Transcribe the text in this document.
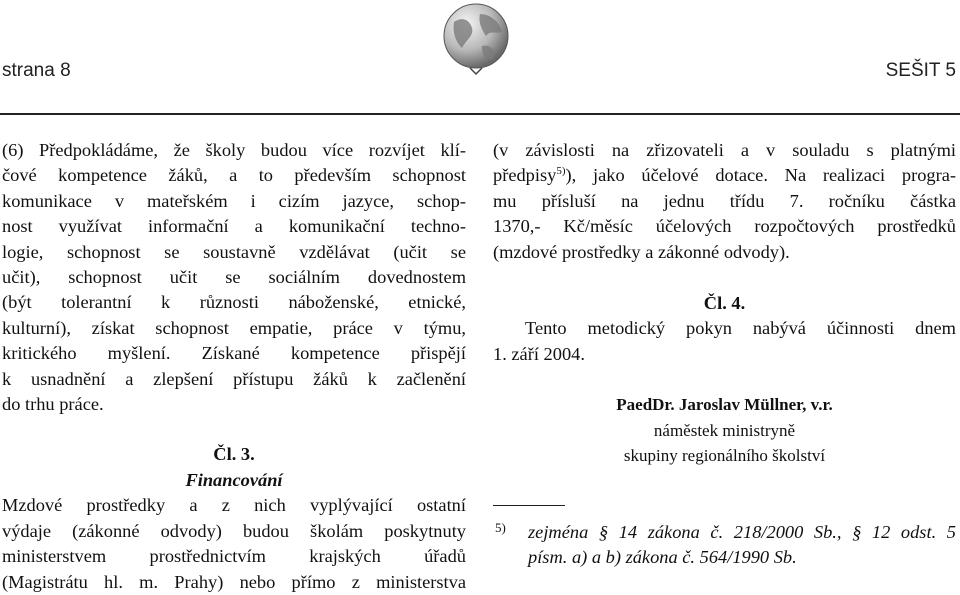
strana 8	SEŠIT 5
(6) Předpokládáme, že školy budou více rozvíjet klí-
čové kompetence žáků, a to především schopnost
komunikace v mateřském i cizím jazyce, schop-
nost využívat informační a komunikační techno-
logie, schopnost se soustavně vzdělávat (učit se
učit), schopnost učit se sociálním dovednostem
(být tolerantní k různosti náboženské, etnické,
kulturní), získat schopnost empatie, práce v týmu,
kritického myšlení. Získané kompetence přispějí
k usnadnění a zlepšení přístupu žáků k začlenění
do trhu práce.
Čl. 3.
Financování
Mzdové prostředky a z nich vyplývající ostatní
výdaje (zákonné odvody) budou školám poskytnuty
ministerstvem prostřednictvím krajských úřadů
(Magistrátu hl. m. Prahy) nebo přímo z ministerstva
(v závislosti na zřizovateli a v souladu s platnými
předpisy$^{5)}$), jako účelové dotace. Na realizaci progra-
mu přísluší na jednu třídu 7. ročníku částka
1370,- Kč/měsíc účelových rozpočtových prostředků
(mzdové prostředky a zákonné odvody).
Čl. 4.
Tento metodický pokyn nabývá účinnosti dnem
1. září 2004.
PaedDr. Jaroslav Müllner, v.r.
náměstek ministryně
skupiny regionálního školství
5) zejména § 14 zákona č. 218/2000 Sb., § 12 odst. 5
písm. a) a b) zákona č. 564/1990 Sb.
